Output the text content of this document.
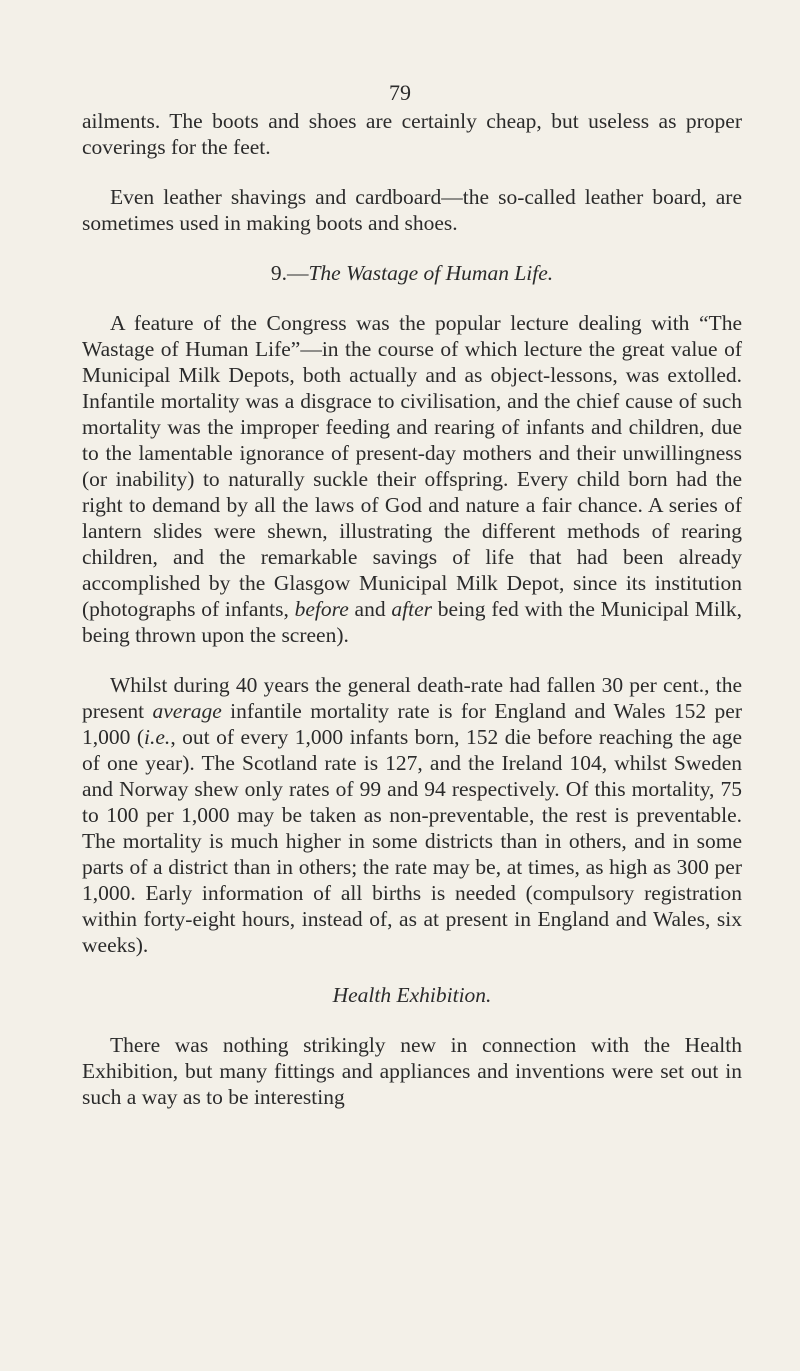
79

ailments. The boots and shoes are certainly cheap, but useless as proper coverings for the feet.

Even leather shavings and cardboard—the so-called leather board, are sometimes used in making boots and shoes.

9.—The Wastage of Human Life.

A feature of the Congress was the popular lecture dealing with “The Wastage of Human Life”—in the course of which lecture the great value of Municipal Milk Depots, both actually and as object-lessons, was extolled. Infantile mortality was a disgrace to civilisation, and the chief cause of such mortality was the improper feeding and rearing of infants and children, due to the lamentable ignorance of present-day mothers and their unwillingness (or inability) to naturally suckle their offspring. Every child born had the right to demand by all the laws of God and nature a fair chance. A series of lantern slides were shewn, illustrating the different methods of rearing children, and the remarkable savings of life that had been already accomplished by the Glasgow Municipal Milk Depot, since its institution (photographs of infants, before and after being fed with the Municipal Milk, being thrown upon the screen).

Whilst during 40 years the general death-rate had fallen 30 per cent., the present average infantile mortality rate is for England and Wales 152 per 1,000 (i.e., out of every 1,000 infants born, 152 die before reaching the age of one year). The Scotland rate is 127, and the Ireland 104, whilst Sweden and Norway shew only rates of 99 and 94 respectively. Of this mortality, 75 to 100 per 1,000 may be taken as non-preventable, the rest is preventable. The mortality is much higher in some districts than in others, and in some parts of a district than in others; the rate may be, at times, as high as 300 per 1,000. Early information of all births is needed (compulsory registration within forty-eight hours, instead of, as at present in England and Wales, six weeks).

Health Exhibition.

There was nothing strikingly new in connection with the Health Exhibition, but many fittings and appliances and inventions were set out in such a way as to be interesting
